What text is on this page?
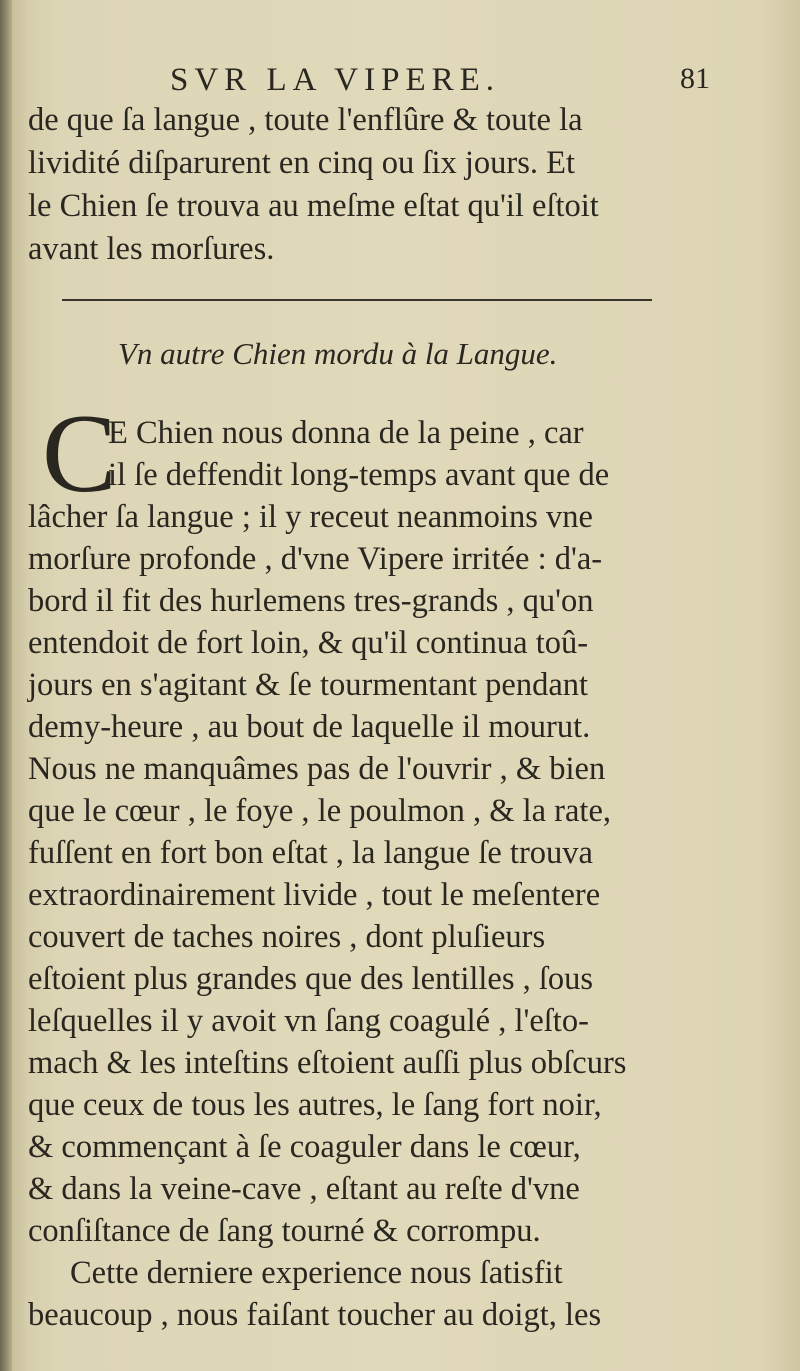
SVR LA VIPERE.	81
de que ſa langue , toute l'enflûre & toute la
lividité diſparurent en cinq ou ſix jours. Et
le Chien ſe trouva au meſme eſtat qu'il eſtoit
avant les morſures.
Vn autre Chien mordu à la Langue.
C
E Chien nous donna de la peine , car
il ſe deffendit long-temps avant que de
lâcher ſa langue ; il y receut neanmoins vne
morſure profonde , d'vne Vipere irritée : d'a-
bord il fit des hurlemens tres-grands , qu'on
entendoit de fort loin, & qu'il continua toû-
jours en s'agitant & ſe tourmentant pendant
demy-heure , au bout de laquelle il mourut.
Nous ne manquâmes pas de l'ouvrir , & bien
que le cœur , le foye , le poulmon , & la rate,
fuſſent en fort bon eſtat , la langue ſe trouva
extraordinairement livide , tout le meſentere
couvert de taches noires , dont pluſieurs
eſtoient plus grandes que des lentilles , ſous
leſquelles il y avoit vn ſang coagulé , l'eſto-
mach & les inteſtins eſtoient auſſi plus obſcurs
que ceux de tous les autres, le ſang fort noir,
& commençant à ſe coaguler dans le cœur,
& dans la veine-cave , eſtant au reſte d'vne
conſiſtance de ſang tourné & corrompu.
Cette derniere experience nous ſatisfit
beaucoup , nous faiſant toucher au doigt, les
